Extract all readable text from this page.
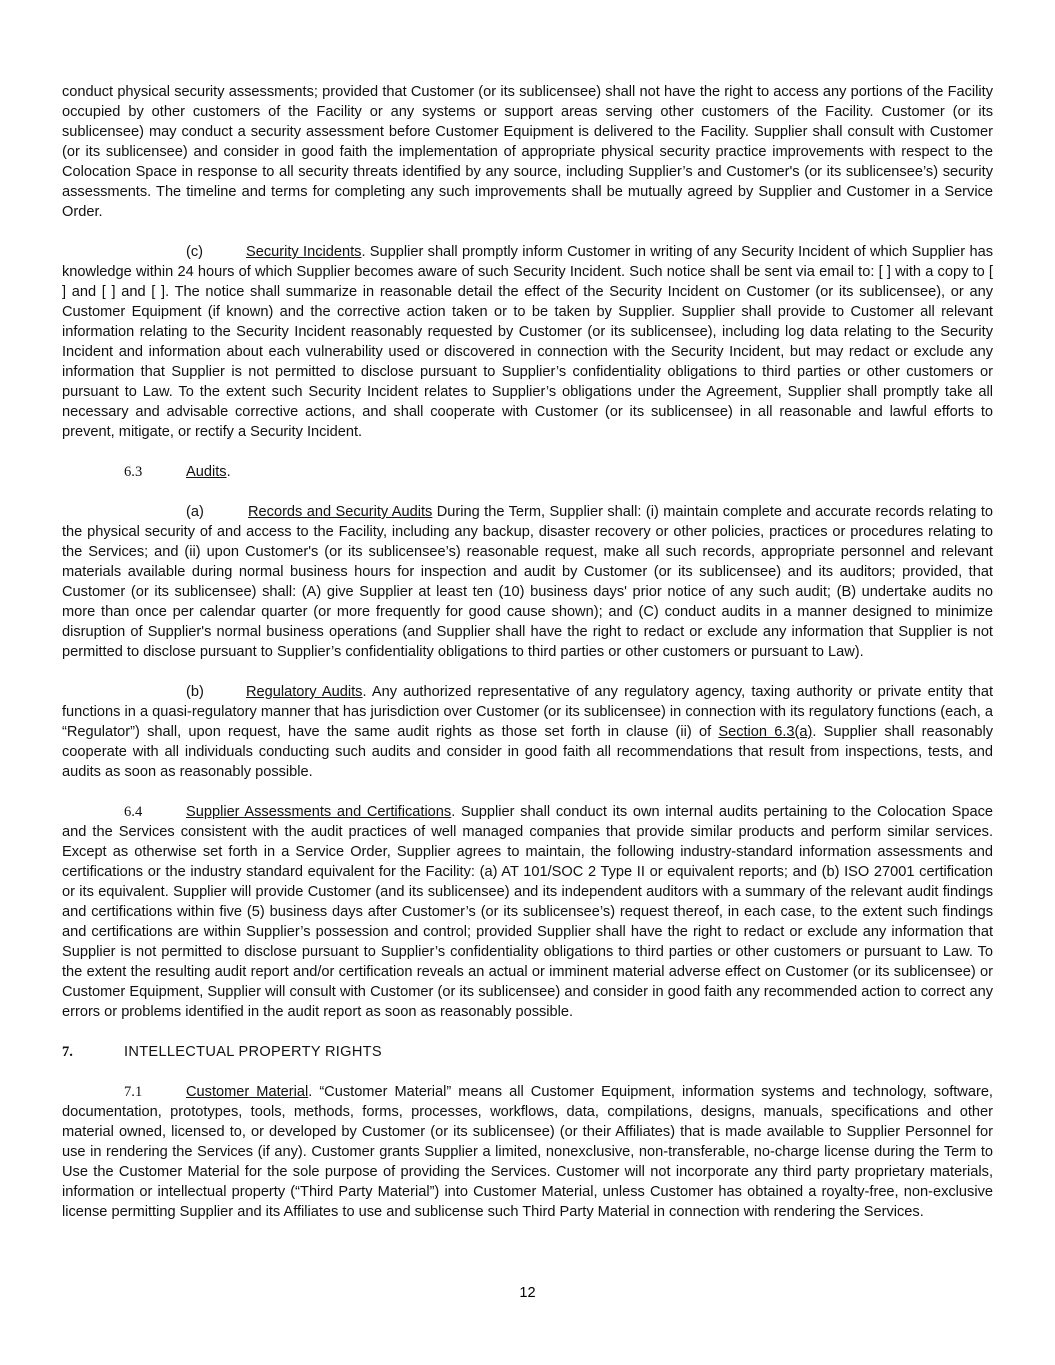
conduct physical security assessments; provided that Customer (or its sublicensee) shall not have the right to access any portions of the Facility occupied by other customers of the Facility or any systems or support areas serving other customers of the Facility. Customer (or its sublicensee) may conduct a security assessment before Customer Equipment is delivered to the Facility. Supplier shall consult with Customer (or its sublicensee) and consider in good faith the implementation of appropriate physical security practice improvements with respect to the Colocation Space in response to all security threats identified by any source, including Supplier’s and Customer's (or its sublicensee’s) security assessments. The timeline and terms for completing any such improvements shall be mutually agreed by Supplier and Customer in a Service Order.

(c)	Security Incidents. Supplier shall promptly inform Customer in writing of any Security Incident of which Supplier has knowledge within 24 hours of which Supplier becomes aware of such Security Incident. Such notice shall be sent via email to: [ ] with a copy to [ ] and [ ] and [ ]. The notice shall summarize in reasonable detail the effect of the Security Incident on Customer (or its sublicensee), or any Customer Equipment (if known) and the corrective action taken or to be taken by Supplier. Supplier shall provide to Customer all relevant information relating to the Security Incident reasonably requested by Customer (or its sublicensee), including log data relating to the Security Incident and information about each vulnerability used or discovered in connection with the Security Incident, but may redact or exclude any information that Supplier is not permitted to disclose pursuant to Supplier’s confidentiality obligations to third parties or other customers or pursuant to Law. To the extent such Security Incident relates to Supplier’s obligations under the Agreement, Supplier shall promptly take all necessary and advisable corrective actions, and shall cooperate with Customer (or its sublicensee) in all reasonable and lawful efforts to prevent, mitigate, or rectify a Security Incident.

6.3	Audits.

(a)	Records and Security Audits During the Term, Supplier shall: (i) maintain complete and accurate records relating to the physical security of and access to the Facility, including any backup, disaster recovery or other policies, practices or procedures relating to the Services; and (ii) upon Customer's (or its sublicensee’s) reasonable request, make all such records, appropriate personnel and relevant materials available during normal business hours for inspection and audit by Customer (or its sublicensee) and its auditors; provided, that Customer (or its sublicensee) shall: (A) give Supplier at least ten (10) business days' prior notice of any such audit; (B) undertake audits no more than once per calendar quarter (or more frequently for good cause shown); and (C) conduct audits in a manner designed to minimize disruption of Supplier's normal business operations (and Supplier shall have the right to redact or exclude any information that Supplier is not permitted to disclose pursuant to Supplier’s confidentiality obligations to third parties or other customers or pursuant to Law).

(b)	Regulatory Audits. Any authorized representative of any regulatory agency, taxing authority or private entity that functions in a quasi-regulatory manner that has jurisdiction over Customer (or its sublicensee) in connection with its regulatory functions (each, a “Regulator”) shall, upon request, have the same audit rights as those set forth in clause (ii) of Section 6.3(a). Supplier shall reasonably cooperate with all individuals conducting such audits and consider in good faith all recommendations that result from inspections, tests, and audits as soon as reasonably possible.

6.4	Supplier Assessments and Certifications. Supplier shall conduct its own internal audits pertaining to the Colocation Space and the Services consistent with the audit practices of well managed companies that provide similar products and perform similar services. Except as otherwise set forth in a Service Order, Supplier agrees to maintain, the following industry-standard information assessments and certifications or the industry standard equivalent for the Facility: (a) AT 101/SOC 2 Type II or equivalent reports; and (b) ISO 27001 certification or its equivalent. Supplier will provide Customer (and its sublicensee) and its independent auditors with a summary of the relevant audit findings and certifications within five (5) business days after Customer’s (or its sublicensee’s) request thereof, in each case, to the extent such findings and certifications are within Supplier’s possession and control; provided Supplier shall have the right to redact or exclude any information that Supplier is not permitted to disclose pursuant to Supplier’s confidentiality obligations to third parties or other customers or pursuant to Law. To the extent the resulting audit report and/or certification reveals an actual or imminent material adverse effect on Customer (or its sublicensee) or Customer Equipment, Supplier will consult with Customer (or its sublicensee) and consider in good faith any recommended action to correct any errors or problems identified in the audit report as soon as reasonably possible.

7.	INTELLECTUAL PROPERTY RIGHTS

7.1	Customer Material. “Customer Material” means all Customer Equipment, information systems and technology, software, documentation, prototypes, tools, methods, forms, processes, workflows, data, compilations, designs, manuals, specifications and other material owned, licensed to, or developed by Customer (or its sublicensee) (or their Affiliates) that is made available to Supplier Personnel for use in rendering the Services (if any). Customer grants Supplier a limited, nonexclusive, non-transferable, no-charge license during the Term to Use the Customer Material for the sole purpose of providing the Services. Customer will not incorporate any third party proprietary materials, information or intellectual property (“Third Party Material”) into Customer Material, unless Customer has obtained a royalty-free, non-exclusive license permitting Supplier and its Affiliates to use and sublicense such Third Party Material in connection with rendering the Services.

12
